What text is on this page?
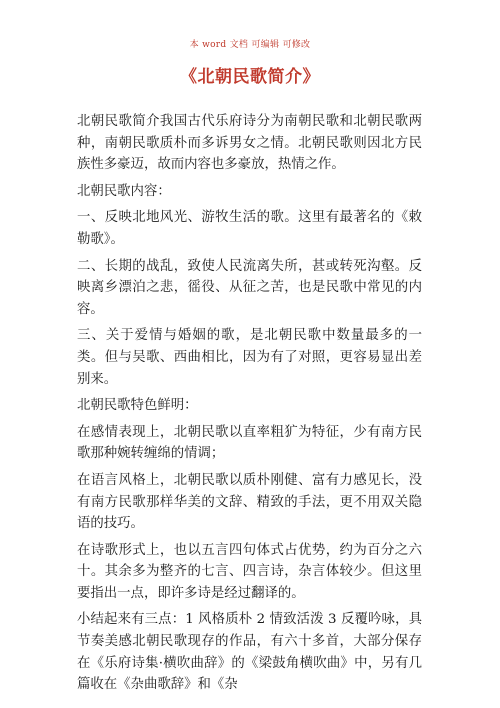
本 word 文档 可编辑 可修改
《北朝民歌简介》

北朝民歌简介我国古代乐府诗分为南朝民歌和北朝民歌两种，南朝民歌质朴而多诉男女之情。北朝民歌则因北方民族性多豪迈，故而内容也多豪放，热情之作。

北朝民歌内容：

一、反映北地风光、游牧生活的歌。这里有最著名的《敕勒歌》。

二、长期的战乱，致使人民流离失所，甚或转死沟壑。反映离乡漂泊之悲，徭役、从征之苦，也是民歌中常见的内容。

三、关于爱情与婚姻的歌，是北朝民歌中数量最多的一类。但与吴歌、西曲相比，因为有了对照，更容易显出差别来。

北朝民歌特色鲜明：

在感情表现上，北朝民歌以直率粗犷为特征，少有南方民歌那种婉转缠绵的情调；

在语言风格上，北朝民歌以质朴刚健、富有力感见长，没有南方民歌那样华美的文辞、精致的手法，更不用双关隐语的技巧。

在诗歌形式上，也以五言四句体式占优势，约为百分之六十。其余多为整齐的七言、四言诗，杂言体较少。但这里要指出一点，即许多诗是经过翻译的。

小结起来有三点：1 风格质朴 2 情致活泼 3 反覆吟咏，具节奏美感北朝民歌现存的作品，有六十多首，大部分保存在《乐府诗集·横吹曲辞》的《梁鼓角横吹曲》中，另有几篇收在《杂曲歌辞》和《杂
